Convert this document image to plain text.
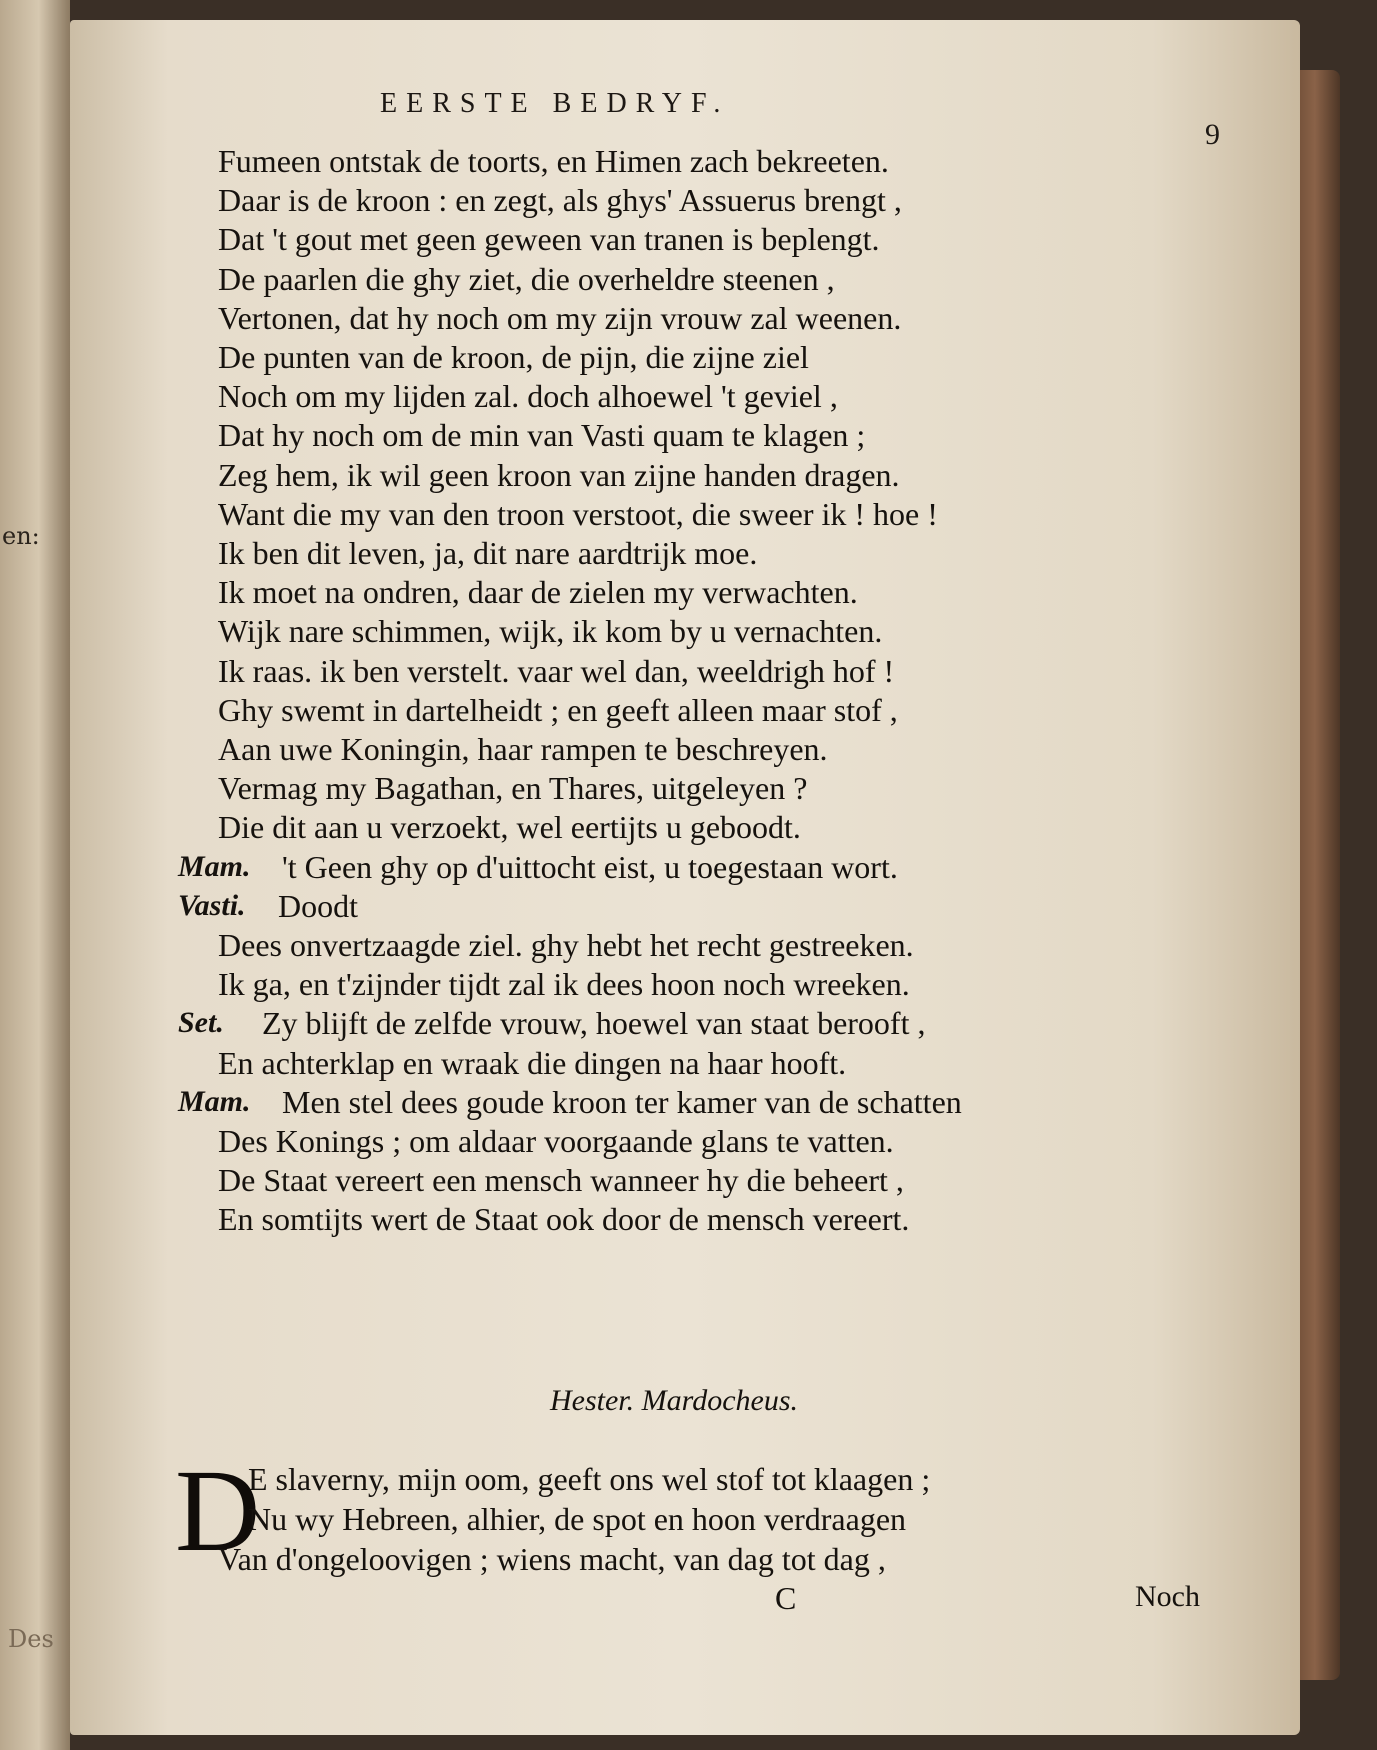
en:
Des
EERSTE BEDRYF.
9
Fumeen ontstak de toorts, en Himen zach bekreeten.
Daar is de kroon : en zegt, als ghys' Assuerus brengt ,
Dat 't gout met geen geween van tranen is beplengt.
De paarlen die ghy ziet, die overheldre steenen ,
Vertonen, dat hy noch om my zijn vrouw zal weenen.
De punten van de kroon, de pijn, die zijne ziel
Noch om my lijden zal. doch alhoewel 't geviel ,
Dat hy noch om de min van Vasti quam te klagen ;
Zeg hem, ik wil geen kroon van zijne handen dragen.
Want die my van den troon verstoot, die sweer ik ! hoe !
Ik ben dit leven, ja, dit nare aardtrijk moe.
Ik moet na ondren, daar de zielen my verwachten.
Wijk nare schimmen, wijk, ik kom by u vernachten.
Ik raas. ik ben verstelt. vaar wel dan, weeldrigh hof !
Ghy swemt in dartelheidt ; en geeft alleen maar stof ,
Aan uwe Koningin, haar rampen te beschreyen.
Vermag my Bagathan, en Thares, uitgeleyen ?
Die dit aan u verzoekt, wel eertijts u geboodt.
Mam. 't Geen ghy op d'uittocht eist, u toegestaan wort.
Vasti. Doodt
Dees onvertzaagde ziel. ghy hebt het recht gestreeken.
Ik ga, en t'zijnder tijdt zal ik dees hoon noch wreeken.
Set. Zy blijft de zelfde vrouw, hoewel van staat berooft ,
En achterklap en wraak die dingen na haar hooft.
Mam. Men stel dees goude kroon ter kamer van de schatten
Des Konings ; om aldaar voorgaande glans te vatten.
De Staat vereert een mensch wanneer hy die beheert ,
En somtijts wert de Staat ook door de mensch vereert.
Hester. Mardocheus.
D
E slaverny, mijn oom, geeft ons wel stof tot klaagen ;
Nu wy Hebreen, alhier, de spot en hoon verdraagen
Van d'ongeloovigen ; wiens macht, van dag tot dag ,
C	Noch
